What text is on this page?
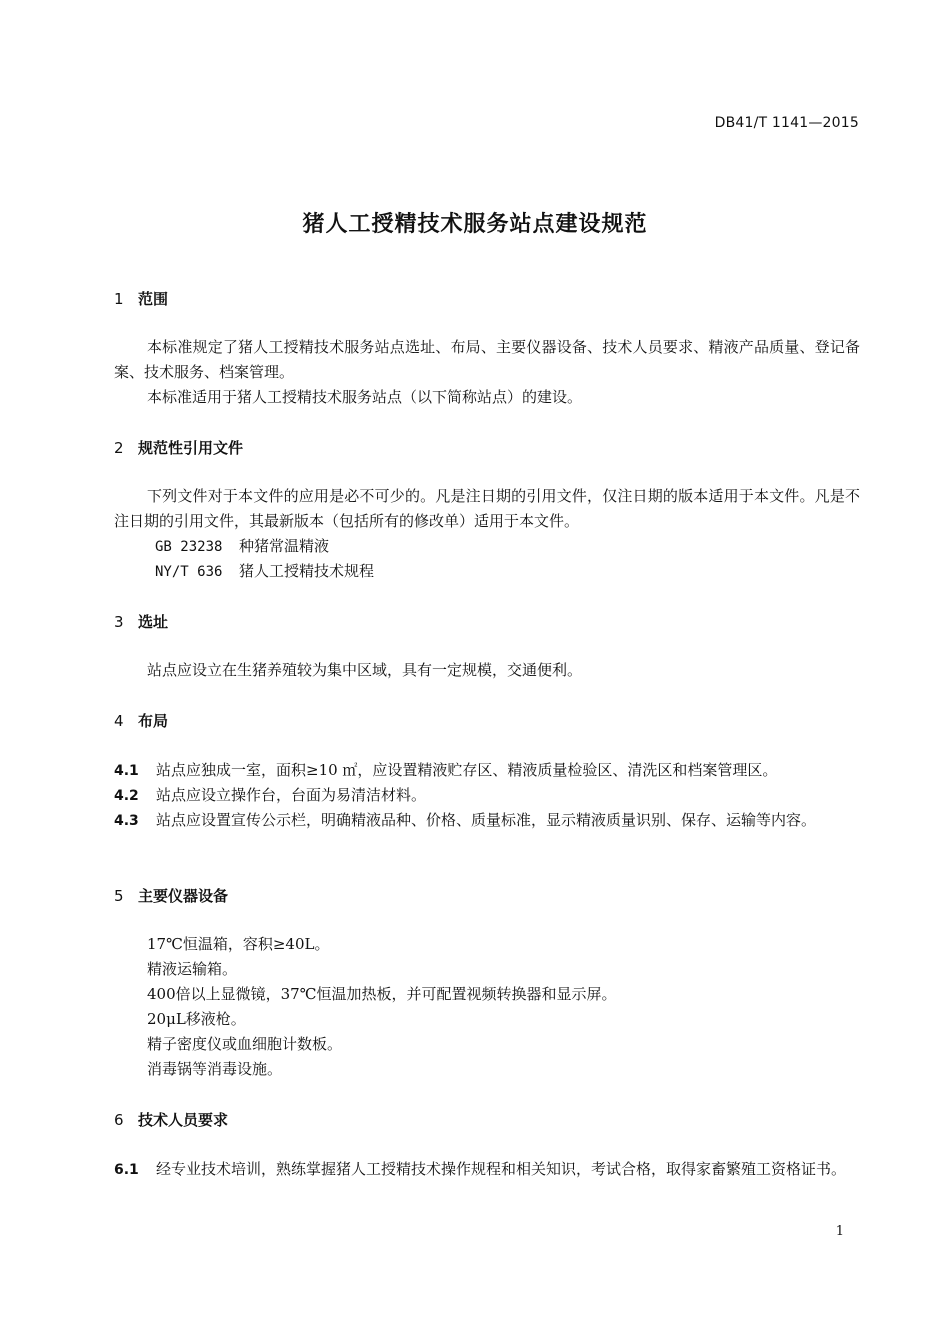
DB41/T 1141—2015
猪人工授精技术服务站点建设规范
1 范围
本标准规定了猪人工授精技术服务站点选址、布局、主要仪器设备、技术人员要求、精液产品质量、登记备案、技术服务、档案管理。
本标准适用于猪人工授精技术服务站点（以下简称站点）的建设。
2 规范性引用文件
下列文件对于本文件的应用是必不可少的。凡是注日期的引用文件，仅注日期的版本适用于本文件。凡是不注日期的引用文件，其最新版本（包括所有的修改单）适用于本文件。
GB 23238 种猪常温精液
NY/T 636 猪人工授精技术规程
3 选址
站点应设立在生猪养殖较为集中区域，具有一定规模，交通便利。
4 布局
4.1 站点应独成一室，面积≥10 ㎡，应设置精液贮存区、精液质量检验区、清洗区和档案管理区。
4.2 站点应设立操作台，台面为易清洁材料。
4.3 站点应设置宣传公示栏，明确精液品种、价格、质量标准，显示精液质量识别、保存、运输等内容。
5 主要仪器设备
17℃恒温箱，容积≥40L。
精液运输箱。
400倍以上显微镜，37℃恒温加热板，并可配置视频转换器和显示屏。
20μL移液枪。
精子密度仪或血细胞计数板。
消毒锅等消毒设施。
6 技术人员要求
6.1 经专业技术培训，熟练掌握猪人工授精技术操作规程和相关知识，考试合格，取得家畜繁殖工资格证书。
1
